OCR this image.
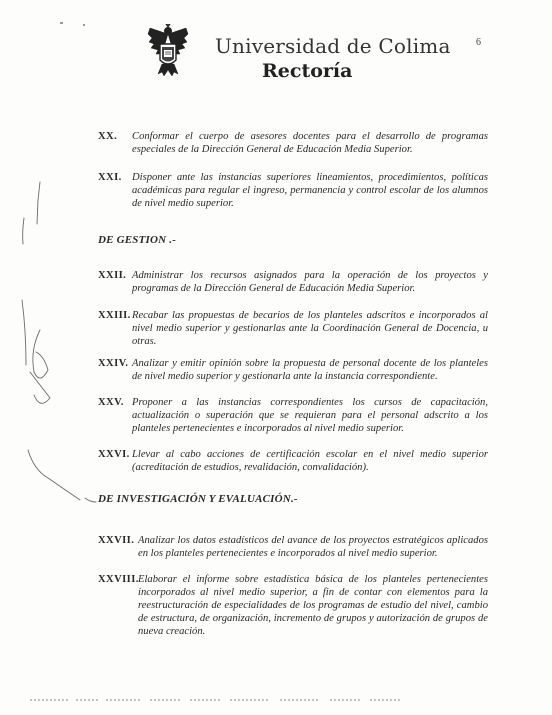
Universidad de Colima
Rectoría
6
XX.	Conformar el cuerpo de asesores docentes para el desarrollo de programas especiales de la Dirección General de Educación Media Superior.
XXI. Disponer ante las instancias superiores lineamientos, procedimientos, políticas académicas para regular el ingreso, permanencia y control escolar de los alumnos de nivel medio superior.
DE GESTION .-
XXII. Administrar los recursos asignados para la operación de los proyectos y programas de la Dirección General de Educación Media Superior.
XXIII. Recabar las propuestas de becarios de los planteles adscritos e incorporados al nivel medio superior y gestionarlas ante la Coordinación General de Docencia, u otras.
XXIV. Analizar y emitir opinión sobre la propuesta de personal docente de los planteles de nivel medio superior y gestionarla ante la instancia correspondiente.
XXV. Proponer a las instancias correspondientes los cursos de capacitación, actualización o superación que se requieran para el personal adscrito a los planteles pertenecientes e incorporados al nivel medio superior.
XXVI. Llevar al cabo acciones de certificación escolar en el nivel medio superior (acreditación de estudios, revalidación, convalidación).
DE INVESTIGACIÓN Y EVALUACIÓN.-
XXVII. Analizar los datos estadísticos del avance de los proyectos estratégicos aplicados en los planteles pertenecientes e incorporados al nivel medio superior.
XXVIII. Elaborar el informe sobre estadística básica de los planteles pertenecientes incorporados al nivel medio superior, a fin de contar con elementos para la reestructuración de especialidades de los programas de estudio del nivel, cambio de estructura, de organización, incremento de grupos y autorización de grupos de nueva creación.
